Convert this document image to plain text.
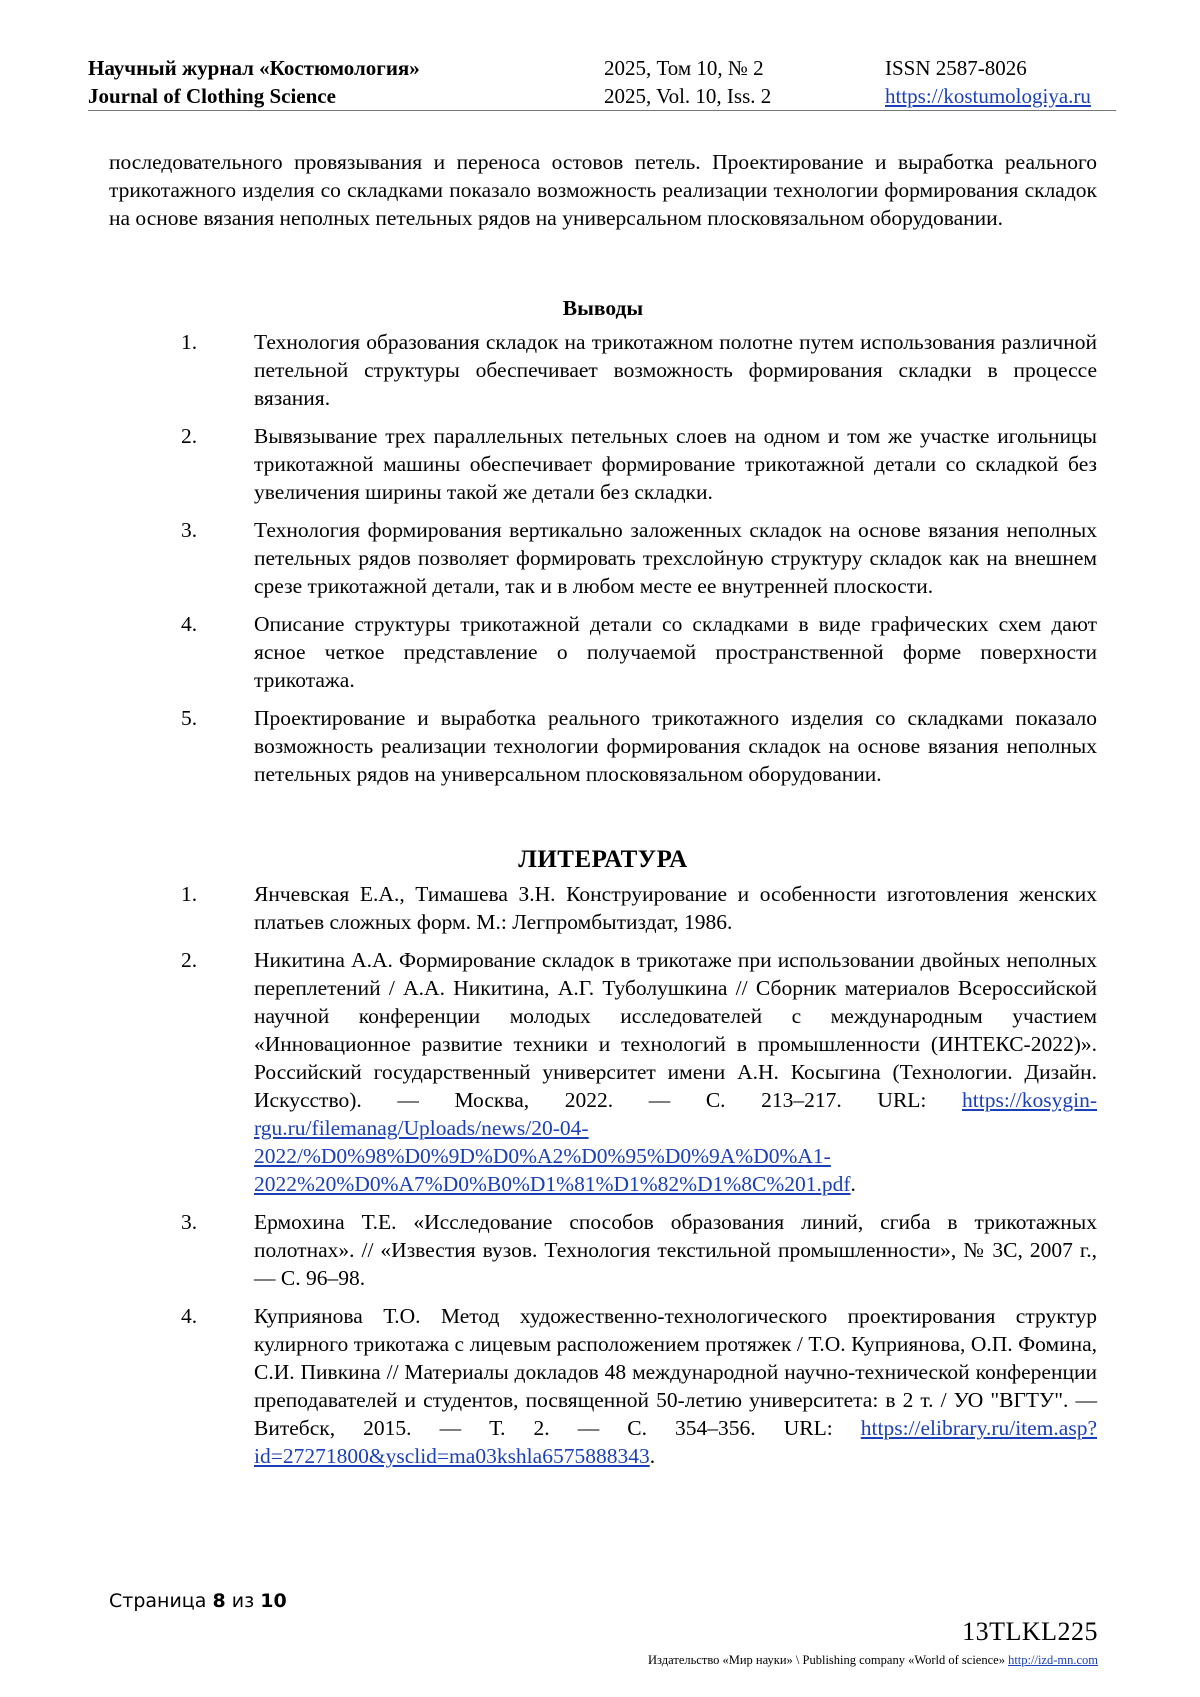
Научный журнал «Костюмология»
Journal of Clothing Science
2025, Том 10, № 2
2025, Vol. 10, Iss. 2
ISSN 2587-8026
https://kostumologiya.ru

последовательного провязывания и переноса остовов петель. Проектирование и выработка реального трикотажного изделия со складками показало возможность реализации технологии формирования складок на основе вязания неполных петельных рядов на универсальном плосковязальном оборудовании.

Выводы

1.	Технология образования складок на трикотажном полотне путем использования различной петельной структуры обеспечивает возможность формирования складки в процессе вязания.
2.	Вывязывание трех параллельных петельных слоев на одном и том же участке игольницы трикотажной машины обеспечивает формирование трикотажной детали со складкой без увеличения ширины такой же детали без складки.
3.	Технология формирования вертикально заложенных складок на основе вязания неполных петельных рядов позволяет формировать трехслойную структуру складок как на внешнем срезе трикотажной детали, так и в любом месте ее внутренней плоскости.
4.	Описание структуры трикотажной детали со складками в виде графических схем дают ясное четкое представление о получаемой пространственной форме поверхности трикотажа.
5.	Проектирование и выработка реального трикотажного изделия со складками показало возможность реализации технологии формирования складок на основе вязания неполных петельных рядов на универсальном плосковязальном оборудовании.

ЛИТЕРАТУРА

1.	Янчевская Е.А., Тимашева З.Н. Конструирование и особенности изготовления женских платьев сложных форм. М.: Легпромбытиздат, 1986.
2.	Никитина А.А. Формирование складок в трикотаже при использовании двойных неполных переплетений / А.А. Никитина, А.Г. Туболушкина // Сборник материалов Всероссийской научной конференции молодых исследователей с международным участием «Инновационное развитие техники и технологий в промышленности (ИНТЕКС-2022)». Российский государственный университет имени А.Н. Косыгина (Технологии. Дизайн. Искусство). — Москва, 2022. — С. 213–217. URL: https://kosygin-rgu.ru/filemanag/Uploads/news/20-04-2022/%D0%98%D0%9D%D0%A2%D0%95%D0%9A%D0%A1-2022%20%D0%A7%D0%B0%D1%81%D1%82%D1%8C%201.pdf.
3.	Ермохина Т.Е. «Исследование способов образования линий, сгиба в трикотажных полотнах». // «Известия вузов. Технология текстильной промышленности», № 3С, 2007 г., — С. 96–98.
4.	Куприянова Т.О. Метод художественно-технологического проектирования структур кулирного трикотажа с лицевым расположением протяжек / Т.О. Куприянова, О.П. Фомина, С.И. Пивкина // Материалы докладов 48 международной научно-технической конференции преподавателей и студентов, посвященной 50-летию университета: в 2 т. / УО "ВГТУ". — Витебск, 2015. — Т. 2. — С. 354–356. URL: https://elibrary.ru/item.asp?id=27271800&ysclid=ma03kshla6575888343.
Страница 8 из 10
13TLKL225
Издательство «Мир науки» \ Publishing company «World of science» http://izd-mn.com
